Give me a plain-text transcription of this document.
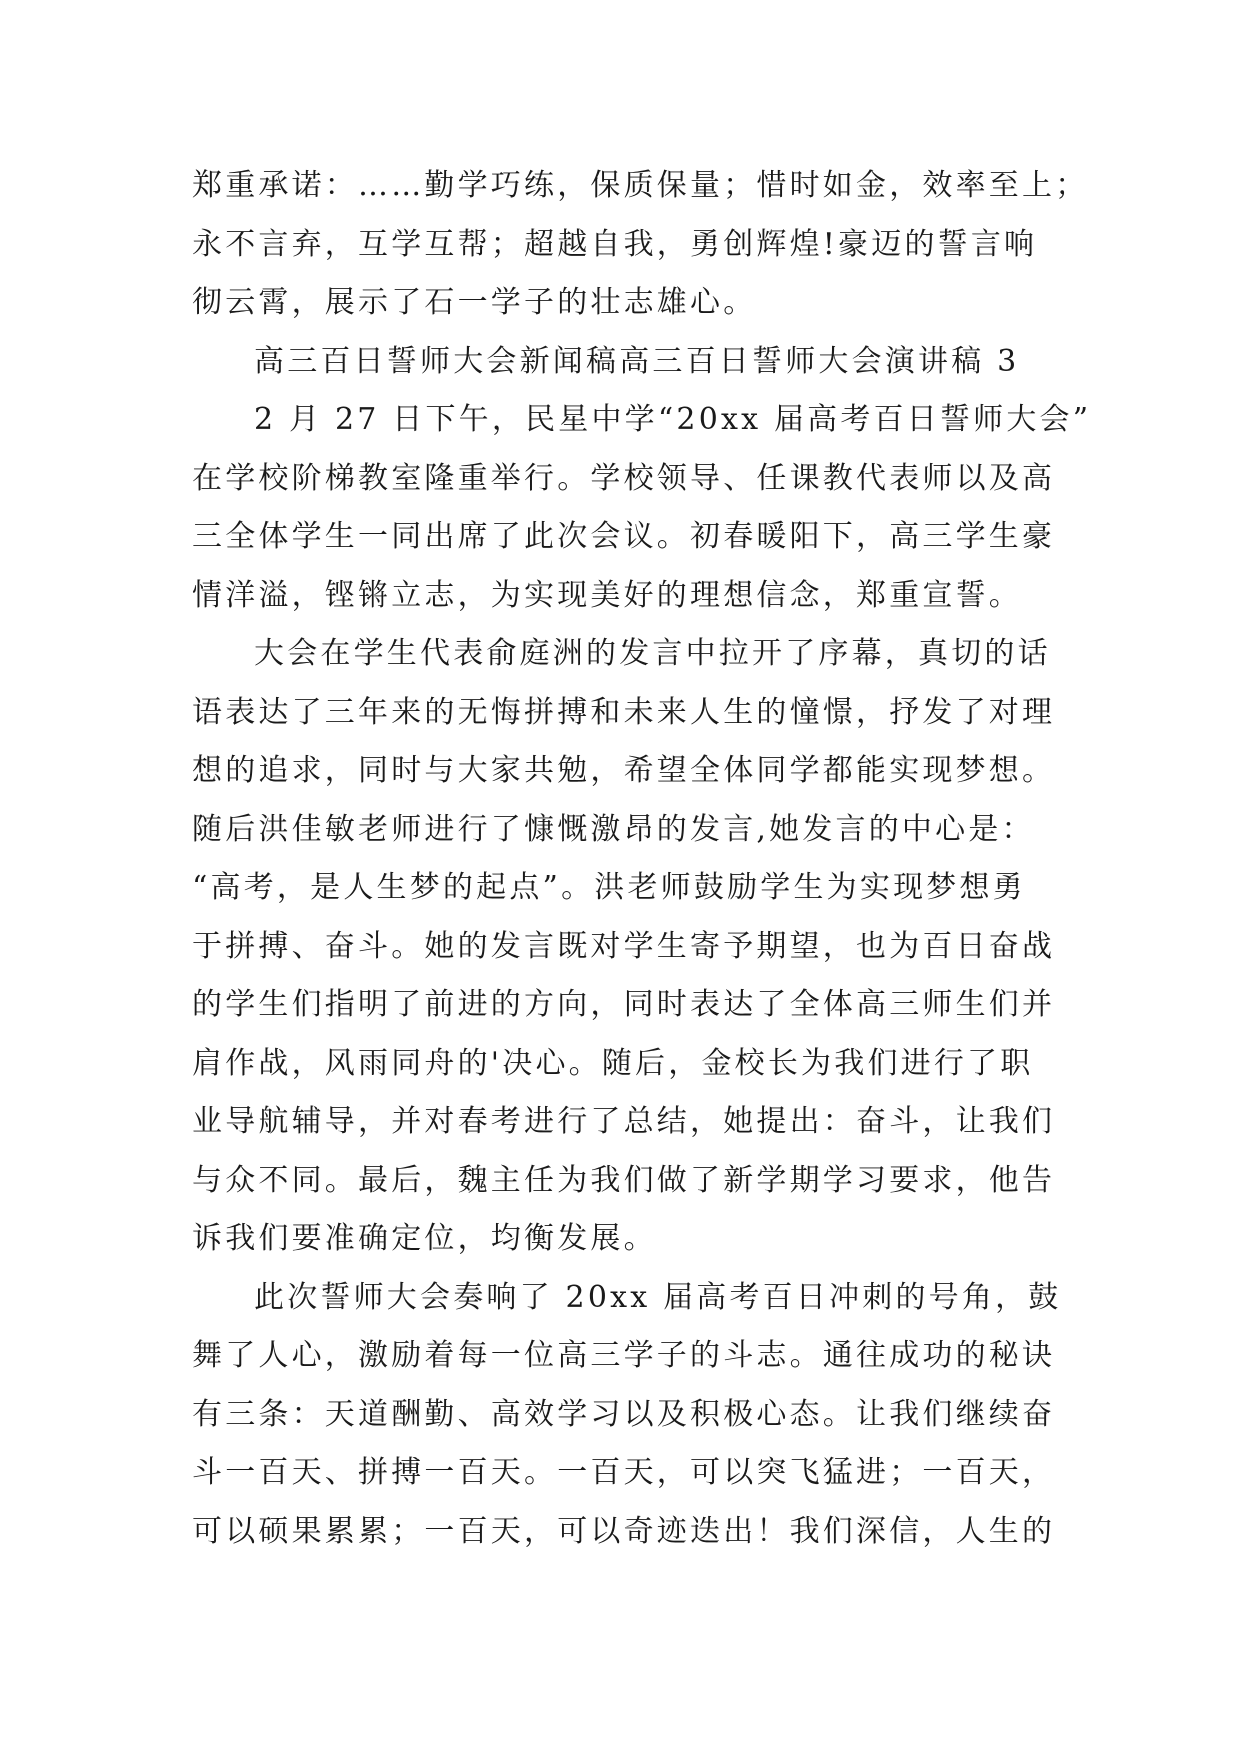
郑重承诺：……勤学巧练，保质保量；惜时如金，效率至上；
永不言弃，互学互帮；超越自我，勇创辉煌!豪迈的誓言响
彻云霄，展示了石一学子的壮志雄心。
高三百日誓师大会新闻稿高三百日誓师大会演讲稿 3
2 月 27 日下午，民星中学“20xx 届高考百日誓师大会”
在学校阶梯教室隆重举行。学校领导、任课教代表师以及高
三全体学生一同出席了此次会议。初春暖阳下，高三学生豪
情洋溢，铿锵立志，为实现美好的理想信念，郑重宣誓。
大会在学生代表俞庭洲的发言中拉开了序幕，真切的话
语表达了三年来的无悔拼搏和未来人生的憧憬，抒发了对理
想的追求，同时与大家共勉，希望全体同学都能实现梦想。
随后洪佳敏老师进行了慷慨激昂的发言,她发言的中心是：
“高考，是人生梦的起点”。洪老师鼓励学生为实现梦想勇
于拼搏、奋斗。她的发言既对学生寄予期望，也为百日奋战
的学生们指明了前进的方向，同时表达了全体高三师生们并
肩作战，风雨同舟的'决心。随后，金校长为我们进行了职
业导航辅导，并对春考进行了总结，她提出：奋斗，让我们
与众不同。最后，魏主任为我们做了新学期学习要求，他告
诉我们要准确定位，均衡发展。
此次誓师大会奏响了 20xx 届高考百日冲刺的号角，鼓
舞了人心，激励着每一位高三学子的斗志。通往成功的秘诀
有三条：天道酬勤、高效学习以及积极心态。让我们继续奋
斗一百天、拼搏一百天。一百天，可以突飞猛进；一百天，
可以硕果累累；一百天，可以奇迹迭出！我们深信，人生的
